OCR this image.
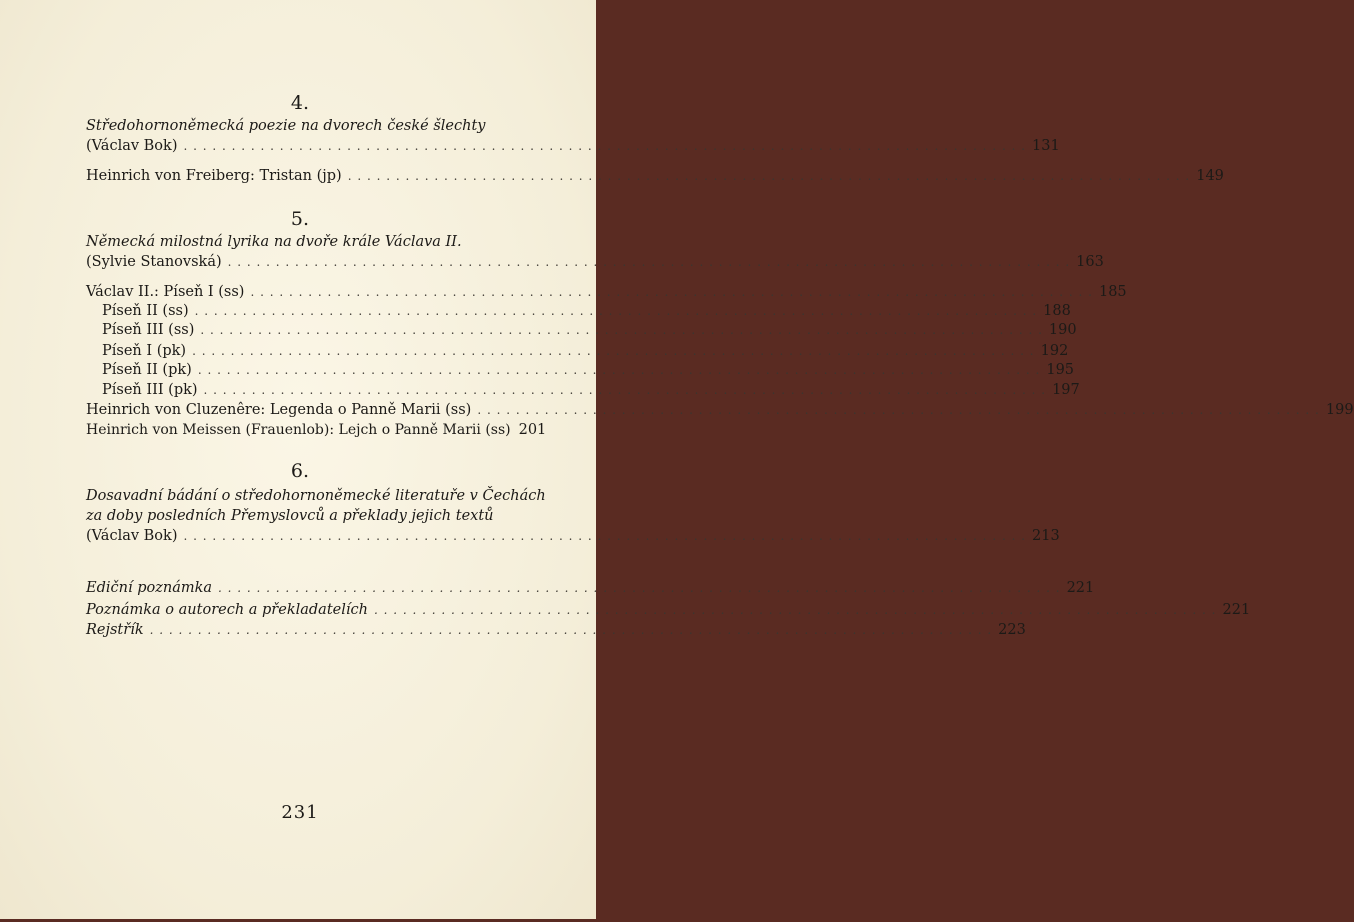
4.
Středohornoněmecká poezie na dvorech české šlechty
(Václav Bok) . . .	131
Heinrich von Freiberg: Tristan (jp) . . .	149
5.
Německá milostná lyrika na dvoře krále Václava II.
(Sylvie Stanovská) . . .	163
Václav II.: Píseň I (ss) . . .	185
Píseň II (ss) . . .	188
Píseň III (ss) . . .	190
Píseň I (pk) . . .	192
Píseň II (pk) . . .	195
Píseň III (pk) . . .	197
Heinrich von Cluzenêre: Legenda o Panně Marii (ss) . . .	199
Heinrich von Meissen (Frauenlob): Lejch o Panně Marii (ss) 201
6.
Dosavadní bádání o středohornoněmecké literatuře v Čechách
za doby posledních Přemyslovců a překlady jejich textů
(Václav Bok) . . .	213
Ediční poznámka . . .	221
Poznámka o autorech a překladatelích . . .	221
Rejstřík . . .	223
231
